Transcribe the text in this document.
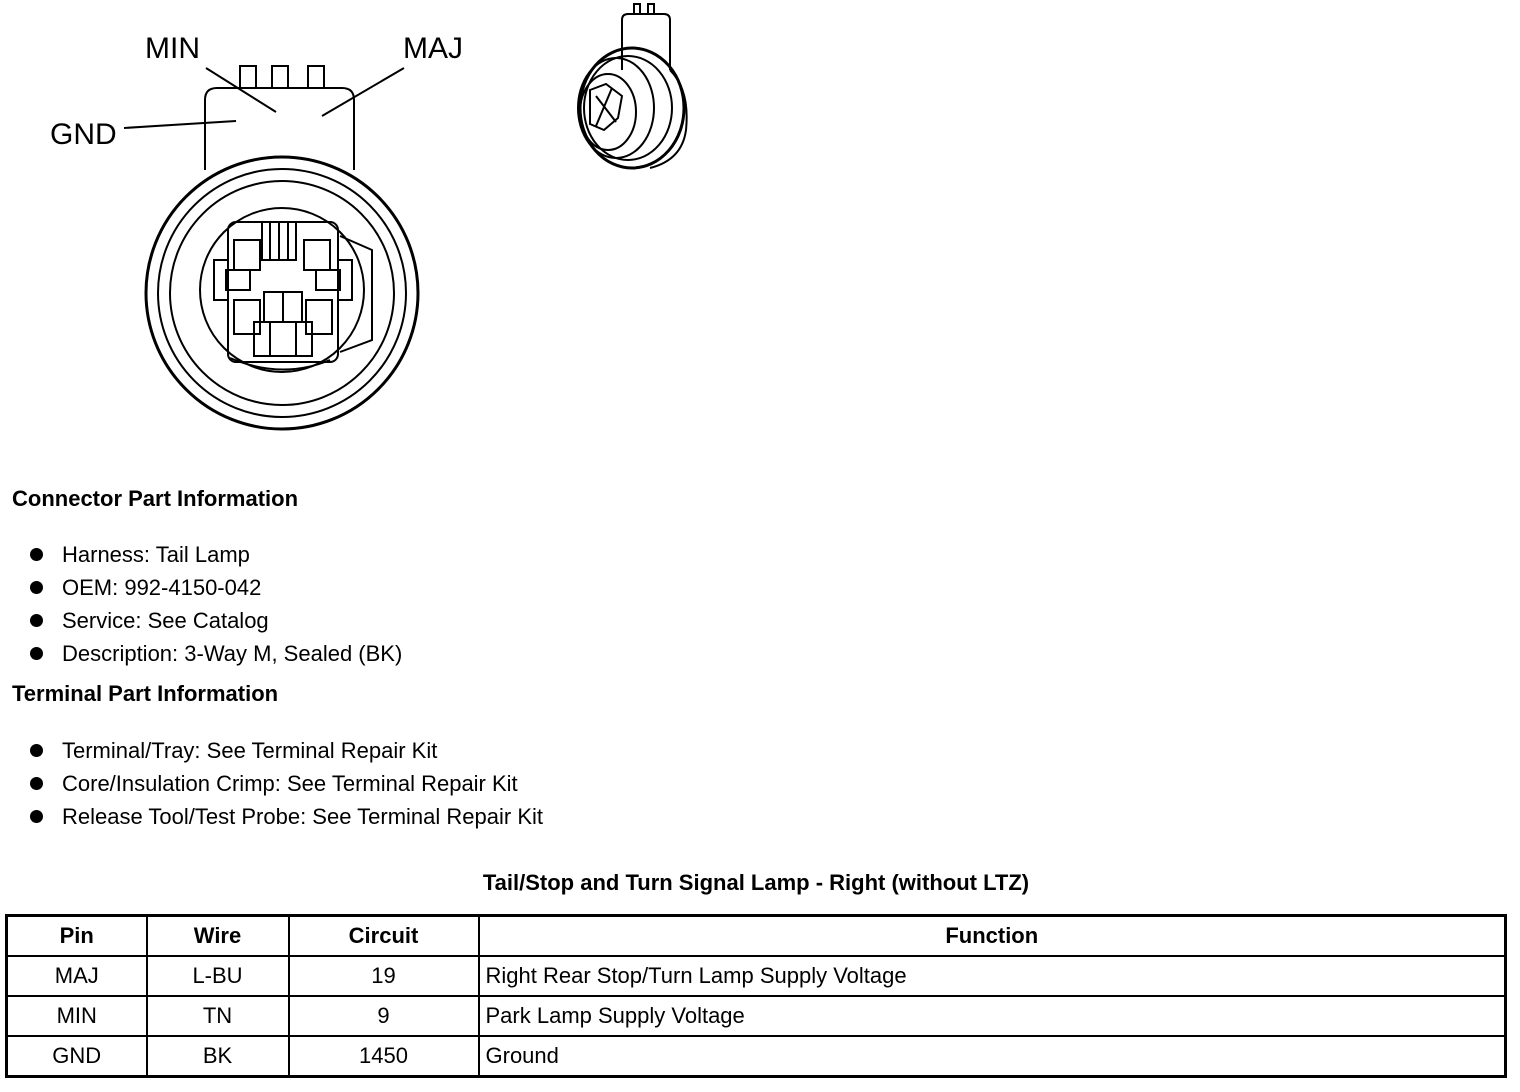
MIN	MAJ
GND
Connector Part Information
Harness: Tail Lamp
OEM: 992-4150-042
Service: See Catalog
Description: 3-Way M, Sealed (BK)
Terminal Part Information
Terminal/Tray: See Terminal Repair Kit
Core/Insulation Crimp: See Terminal Repair Kit
Release Tool/Test Probe: See Terminal Repair Kit
Tail/Stop and Turn Signal Lamp - Right (without LTZ)
Pin	Wire	Circuit	Function
MAJ	L-BU	19	Right Rear Stop/Turn Lamp Supply Voltage
MIN	TN	9	Park Lamp Supply Voltage
GND	BK	1450	Ground
